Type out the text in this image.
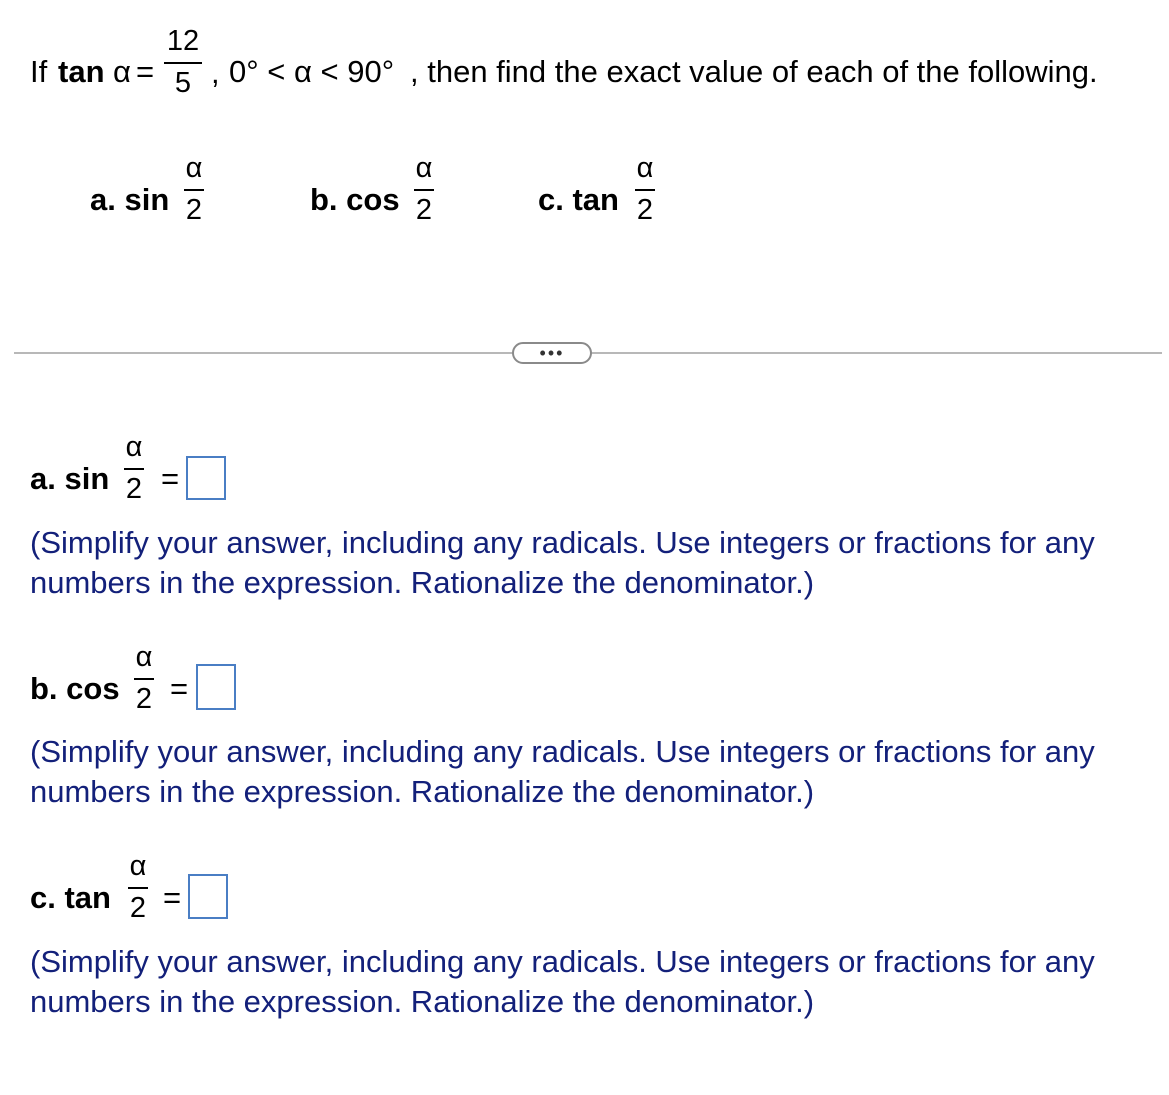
If tan α =
12
5 , 0° < α < 90° , then find the exact value of each of the following.
a. sin
α
2	b. cos
α
2	c. tan
α
2
•••
a. sin
α
2 =
(Simplify your answer, including any radicals. Use integers or fractions for any
numbers in the expression. Rationalize the denominator.)
b. cos
α
2 =
(Simplify your answer, including any radicals. Use integers or fractions for any
numbers in the expression. Rationalize the denominator.)
c. tan
α
2 =
(Simplify your answer, including any radicals. Use integers or fractions for any
numbers in the expression. Rationalize the denominator.)
